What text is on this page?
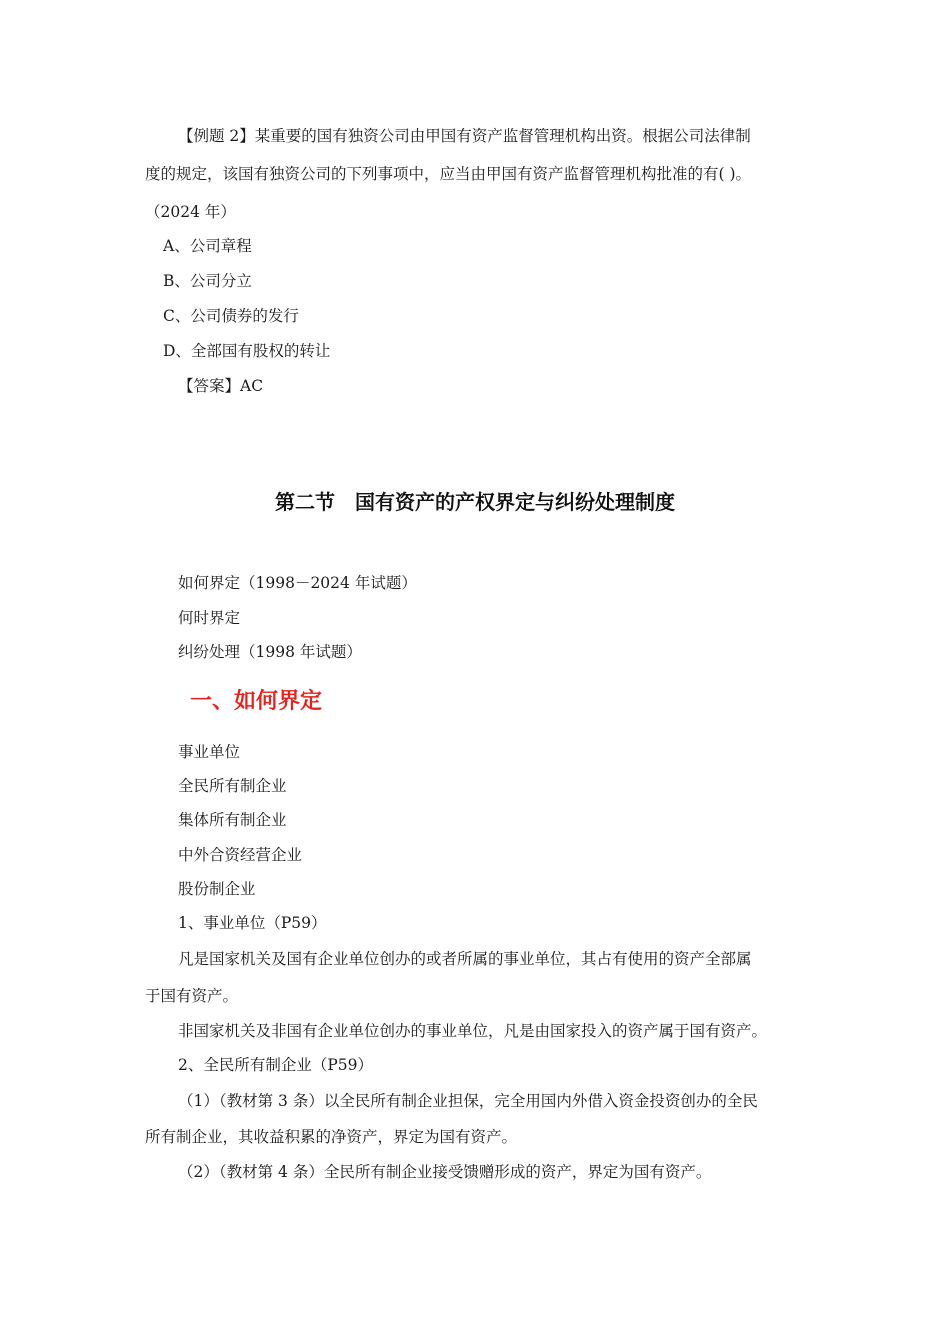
【例题 2】某重要的国有独资公司由甲国有资产监督管理机构出资。根据公司法律制

度的规定，该国有独资公司的下列事项中，应当由甲国有资产监督管理机构批准的有( )。

（2024 年）

A、公司章程

B、公司分立

C、公司债券的发行

D、全部国有股权的转让

【答案】AC

第二节　国有资产的产权界定与纠纷处理制度

如何界定（1998－2024 年试题）

何时界定

纠纷处理（1998 年试题）

一、如何界定

事业单位

全民所有制企业

集体所有制企业

中外合资经营企业

股份制企业

1、事业单位（P59）

凡是国家机关及国有企业单位创办的或者所属的事业单位，其占有使用的资产全部属

于国有资产。

非国家机关及非国有企业单位创办的事业单位，凡是由国家投入的资产属于国有资产。

2、全民所有制企业（P59）

（1）（教材第 3 条）以全民所有制企业担保，完全用国内外借入资金投资创办的全民

所有制企业，其收益积累的净资产，界定为国有资产。

（2）（教材第 4 条）全民所有制企业接受馈赠形成的资产，界定为国有资产。
